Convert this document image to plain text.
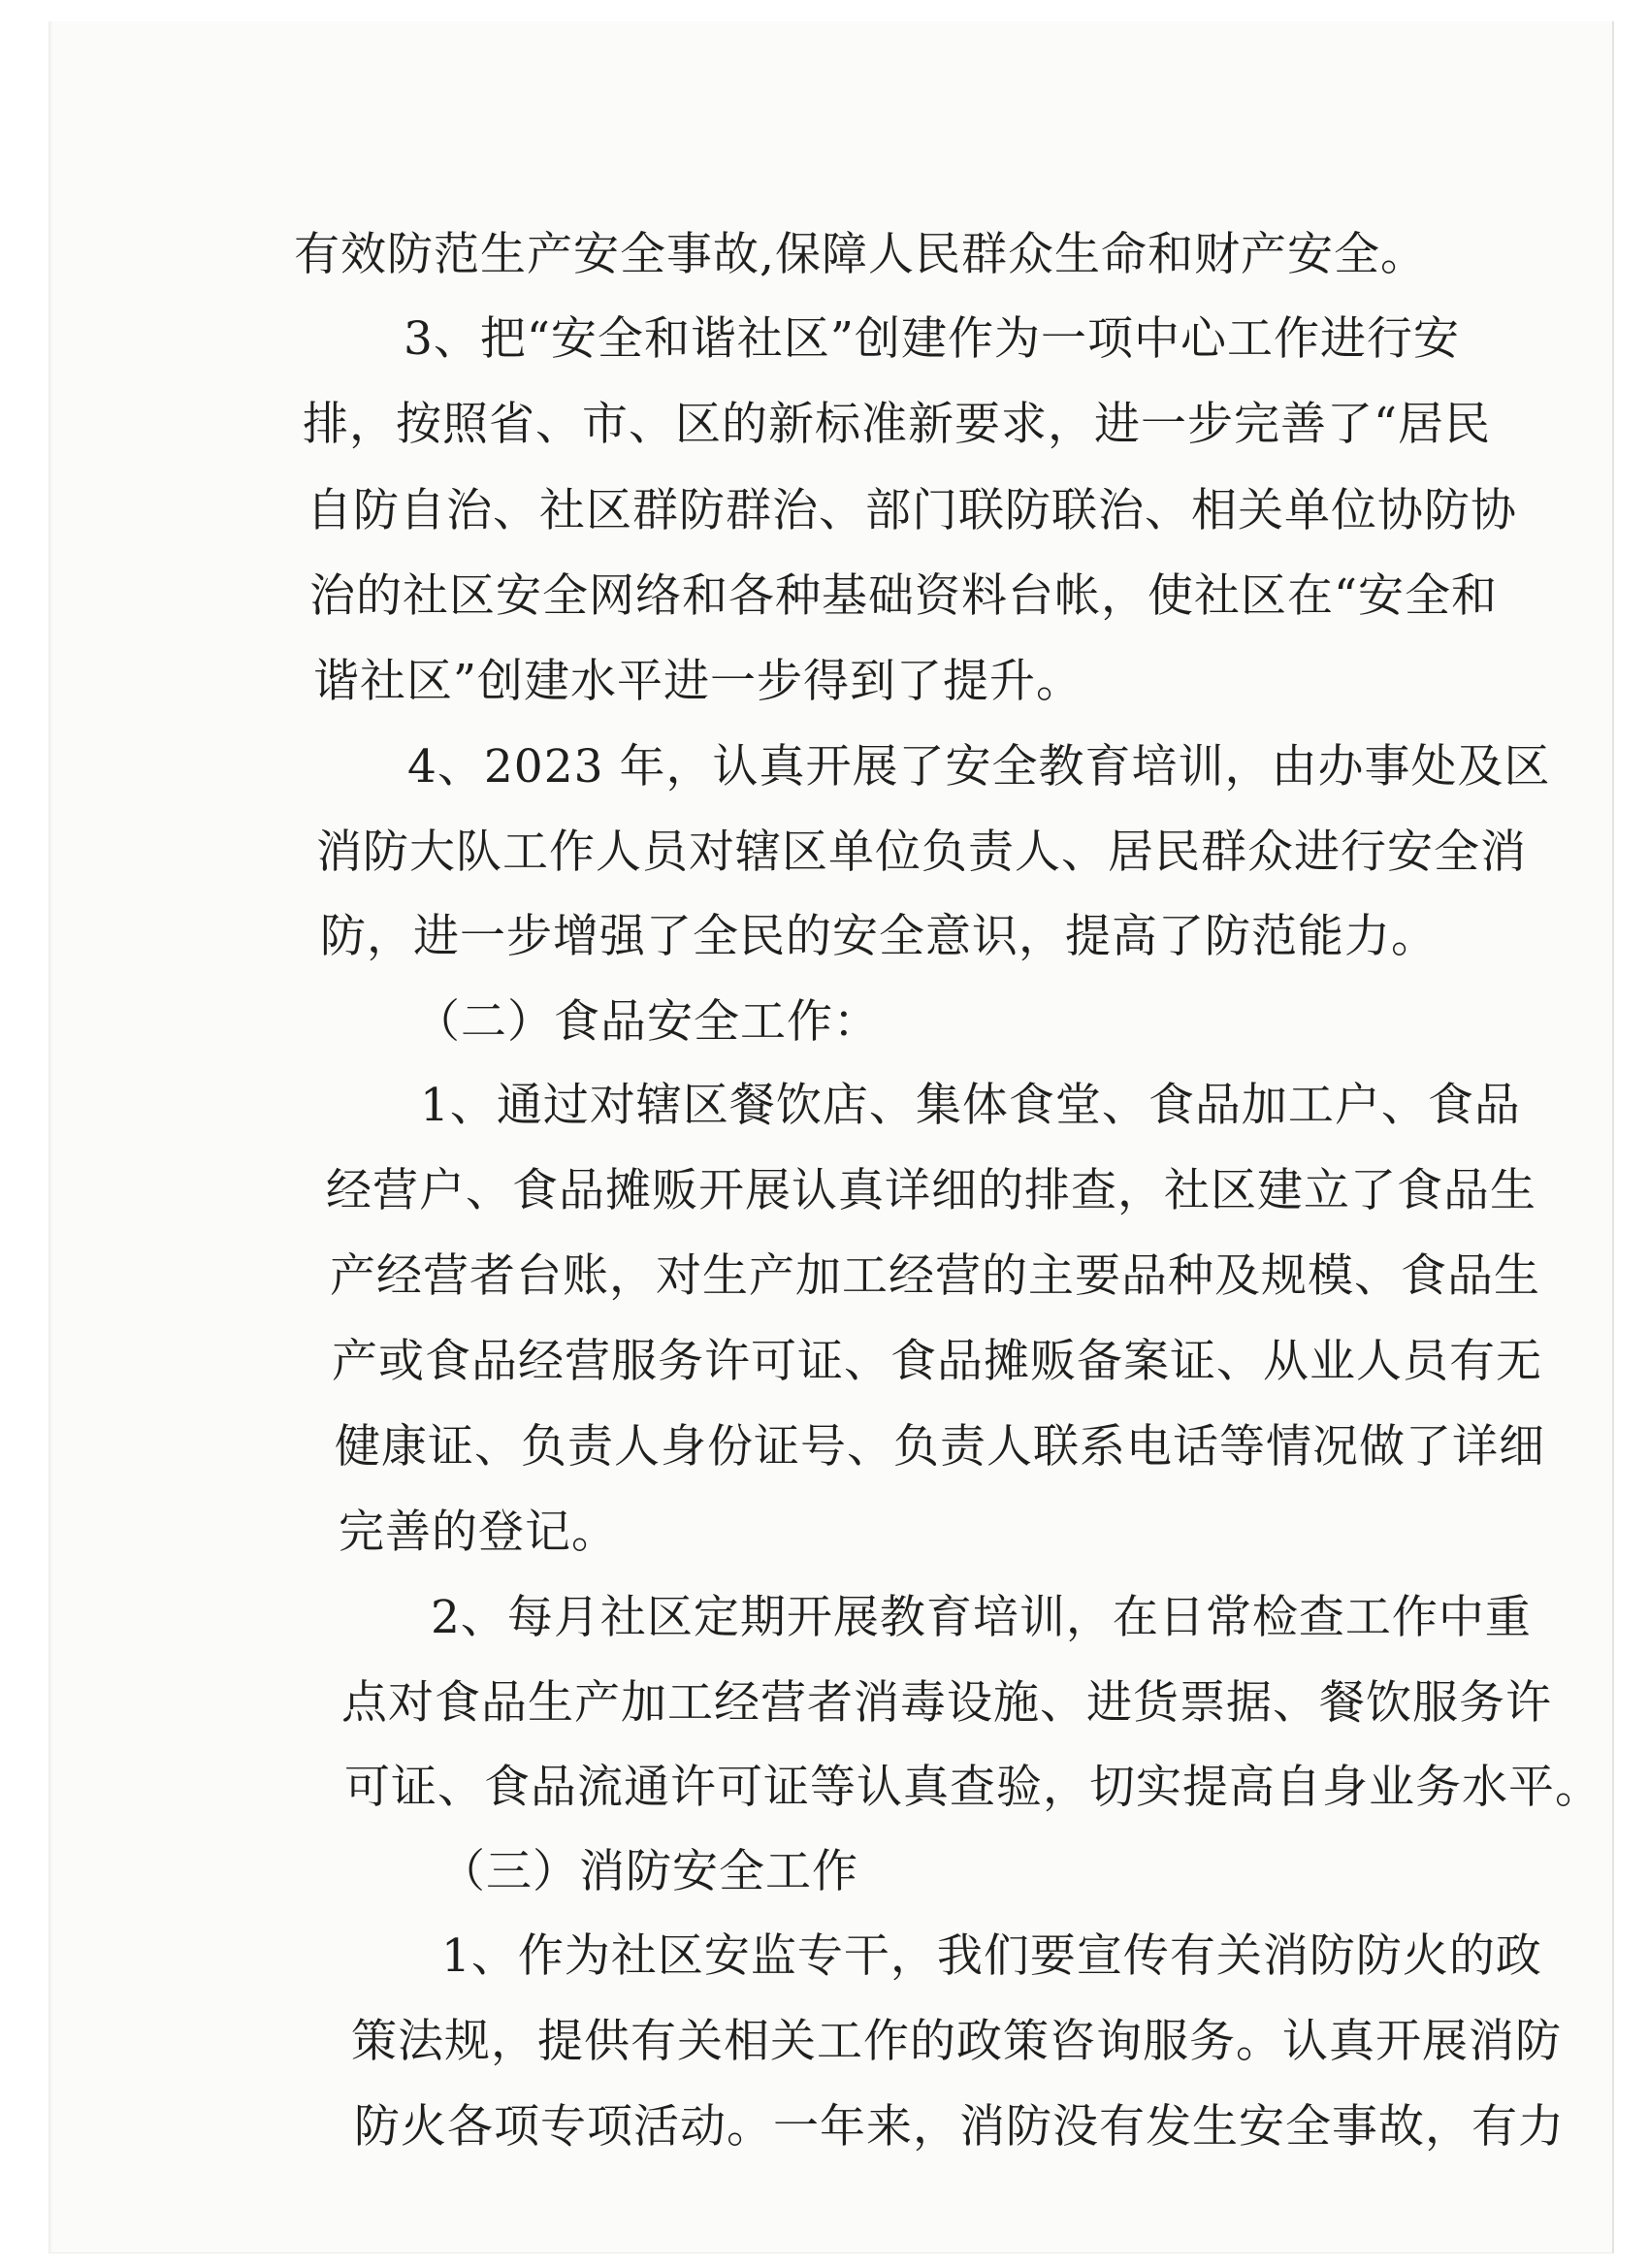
有效防范生产安全事故,保障人民群众生命和财产安全。
3、把“安全和谐社区”创建作为一项中心工作进行安
排，按照省、市、区的新标准新要求，进一步完善了“居民
自防自治、社区群防群治、部门联防联治、相关单位协防协
治的社区安全网络和各种基础资料台帐，使社区在“安全和
谐社区”创建水平进一步得到了提升。
4、2023 年，认真开展了安全教育培训，由办事处及区
消防大队工作人员对辖区单位负责人、居民群众进行安全消
防，进一步增强了全民的安全意识，提高了防范能力。
（二）食品安全工作：
1、通过对辖区餐饮店、集体食堂、食品加工户、食品
经营户、食品摊贩开展认真详细的排查，社区建立了食品生
产经营者台账，对生产加工经营的主要品种及规模、食品生
产或食品经营服务许可证、食品摊贩备案证、从业人员有无
健康证、负责人身份证号、负责人联系电话等情况做了详细
完善的登记。
2、每月社区定期开展教育培训，在日常检查工作中重
点对食品生产加工经营者消毒设施、进货票据、餐饮服务许
可证、食品流通许可证等认真查验，切实提高自身业务水平。
（三）消防安全工作
1、作为社区安监专干，我们要宣传有关消防防火的政
策法规，提供有关相关工作的政策咨询服务。认真开展消防
防火各项专项活动。一年来，消防没有发生安全事故，有力
